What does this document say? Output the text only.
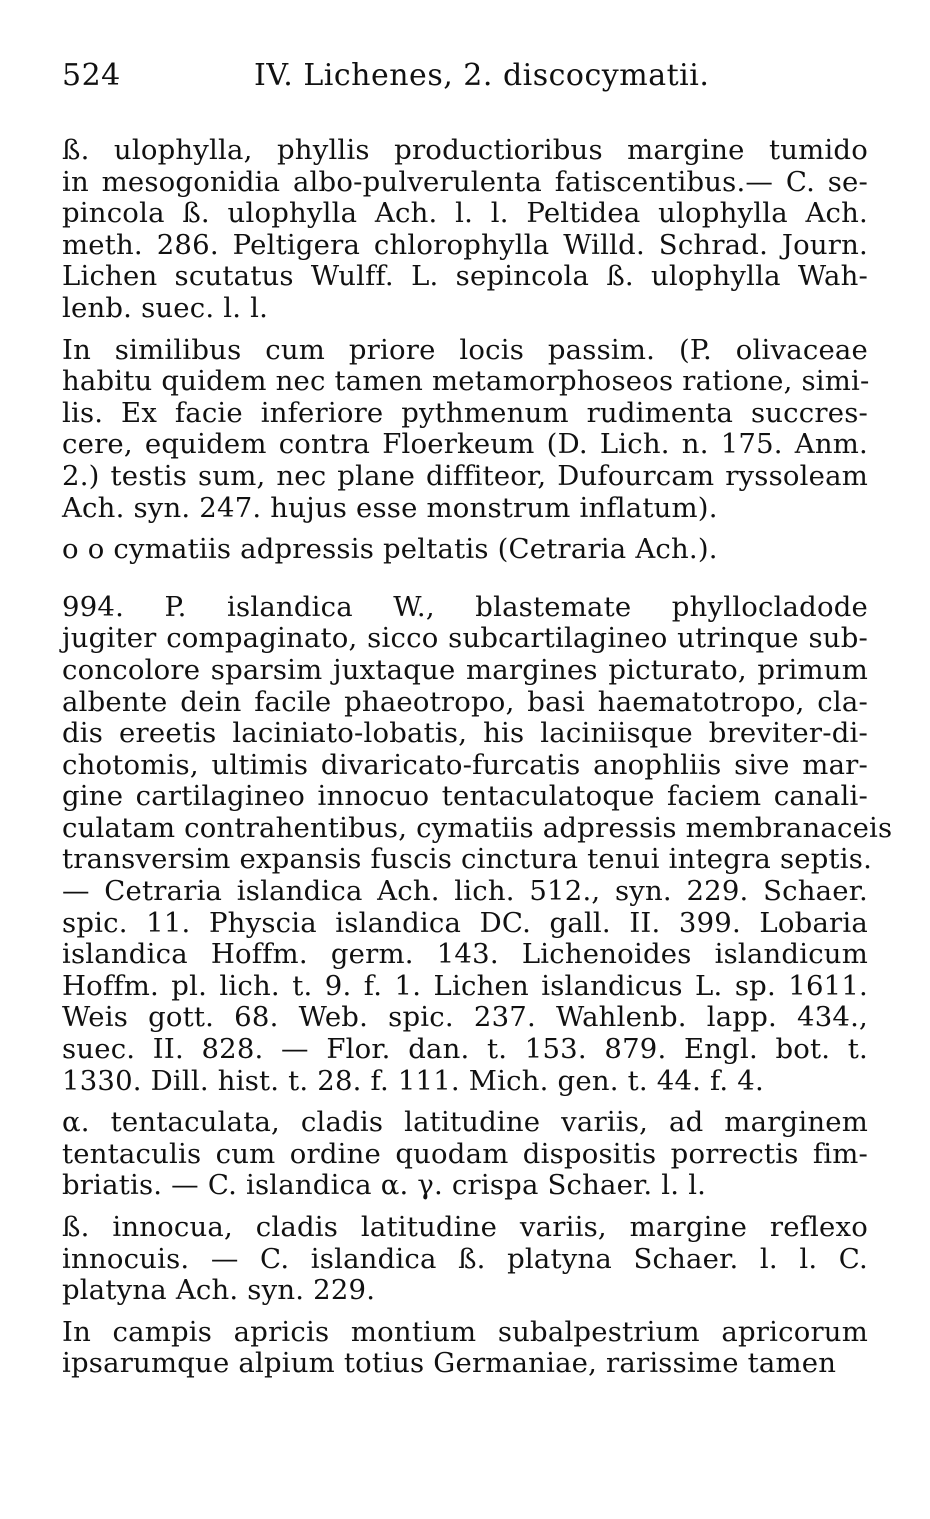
524	IV. Lichenes, 2. discocymatii.
ß. ulophylla, phyllis productioribus margine tumido
in mesogonidia albo-pulverulenta fatiscentibus.— C. se-
pincola ß. ulophylla Ach. l. l. Peltidea ulophylla Ach.
meth. 286. Peltigera chlorophylla Willd. Schrad. Journ.
Lichen scutatus Wulff. L. sepincola ß. ulophylla Wah-
lenb. suec. l. l.
In similibus cum priore locis passim. (P. olivaceae
habitu quidem nec tamen metamorphoseos ratione, simi-
lis. Ex facie inferiore pythmenum rudimenta succres-
cere, equidem contra Floerkeum (D. Lich. n. 175. Anm.
2.) testis sum, nec plane diffiteor, Dufourcam ryssoleam
Ach. syn. 247. hujus esse monstrum inflatum).
o o cymatiis adpressis peltatis (Cetraria Ach.).
994. P. islandica W., blastemate phyllocladode
jugiter compaginato, sicco subcartilagineo utrinque sub-
concolore sparsim juxtaque margines picturato, primum
albente dein facile phaeotropo, basi haematotropo, cla-
dis ereetis laciniato-lobatis, his laciniisque breviter-di-
chotomis, ultimis divaricato-furcatis anophliis sive mar-
gine cartilagineo innocuo tentaculatoque faciem canali-
culatam contrahentibus, cymatiis adpressis membranaceis
transversim expansis fuscis cinctura tenui integra septis.
— Cetraria islandica Ach. lich. 512., syn. 229. Schaer.
spic. 11. Physcia islandica DC. gall. II. 399. Lobaria
islandica Hoffm. germ. 143. Lichenoides islandicum
Hoffm. pl. lich. t. 9. f. 1. Lichen islandicus L. sp. 1611.
Weis gott. 68. Web. spic. 237. Wahlenb. lapp. 434.,
suec. II. 828. — Flor. dan. t. 153. 879. Engl. bot. t.
1330. Dill. hist. t. 28. f. 111. Mich. gen. t. 44. f. 4.
α. tentaculata, cladis latitudine variis, ad marginem
tentaculis cum ordine quodam dispositis porrectis fim-
briatis. — C. islandica α. γ. crispa Schaer. l. l.
ß. innocua, cladis latitudine variis, margine reflexo
innocuis. — C. islandica ß. platyna Schaer. l. l. C.
platyna Ach. syn. 229.
In campis apricis montium subalpestrium apricorum
ipsarumque alpium totius Germaniae, rarissime tamen
